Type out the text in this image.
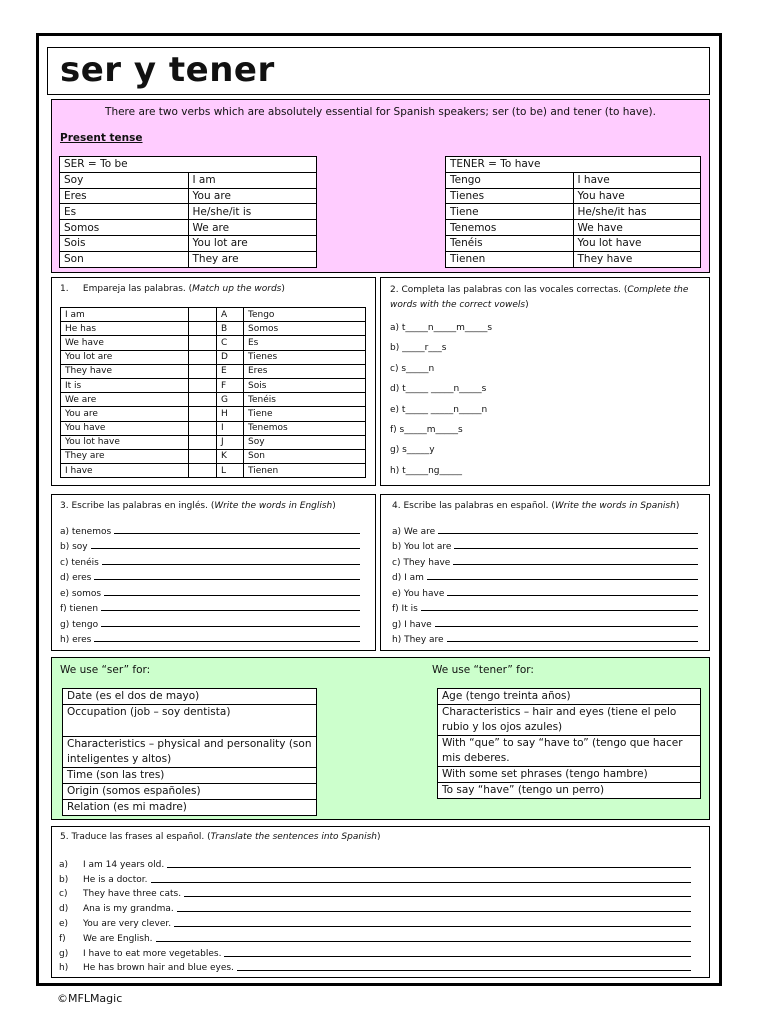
ser y tener
There are two verbs which are absolutely essential for Spanish speakers; ser (to be) and tener (to have).
Present tense
SER = To be	
Soy	I am
Eres	You are
Es	He/she/it is
Somos	We are
Sois	You lot are
Son	They are
TENER = To have	
Tengo	I have
Tienes	You have
Tiene	He/she/it has
Tenemos	We have
Tenéis	You lot have
Tienen	They have
1. Empareja las palabras. (Match up the words)
I am		A	Tengo
He has		B	Somos
We have		C	Es
You lot are		D	Tienes
They have		E	Eres
It is		F	Sois
We are		G	Tenéis
You are		H	Tiene
You have		I	Tenemos
You lot have		J	Soy
They are		K	Son
I have		L	Tienen
2. Completa las palabras con las vocales correctas. (Complete the words with the correct vowels)
a) t_____n_____m_____s
b) _____r___s
c) s_____n
d) t_____ _____n_____s
e) t_____ _____n_____n
f) s_____m_____s
g) s_____y
h) t_____ng_____
3. Escribe las palabras en inglés. (Write the words in English)
a) tenemos
b) soy
c) tenéis
d) eres
e) somos
f) tienen
g) tengo
h) eres
4. Escribe las palabras en español. (Write the words in Spanish)
a) We are
b) You lot are
c) They have
d) I am
e) You have
f) It is
g) I have
h) They are
We use “ser” for:	We use “tener” for:
Date (es el dos de mayo)
Occupation (job – soy dentista)
Characteristics – physical and personality (son inteligentes y altos)
Time (son las tres)
Origin (somos españoles)
Relation (es mi madre)
Age (tengo treinta años)
Characteristics – hair and eyes (tiene el pelo rubio y los ojos azules)
With “que” to say “have to” (tengo que hacer mis deberes.
With some set phrases (tengo hambre)
To say “have” (tengo un perro)
5. Traduce las frases al español. (Translate the sentences into Spanish)
a)	I am 14 years old.
b)	He is a doctor.
c)	They have three cats.
d)	Ana is my grandma.
e)	You are very clever.
f)	We are English.
g)	I have to eat more vegetables.
h)	He has brown hair and blue eyes.
©MFLMagic
